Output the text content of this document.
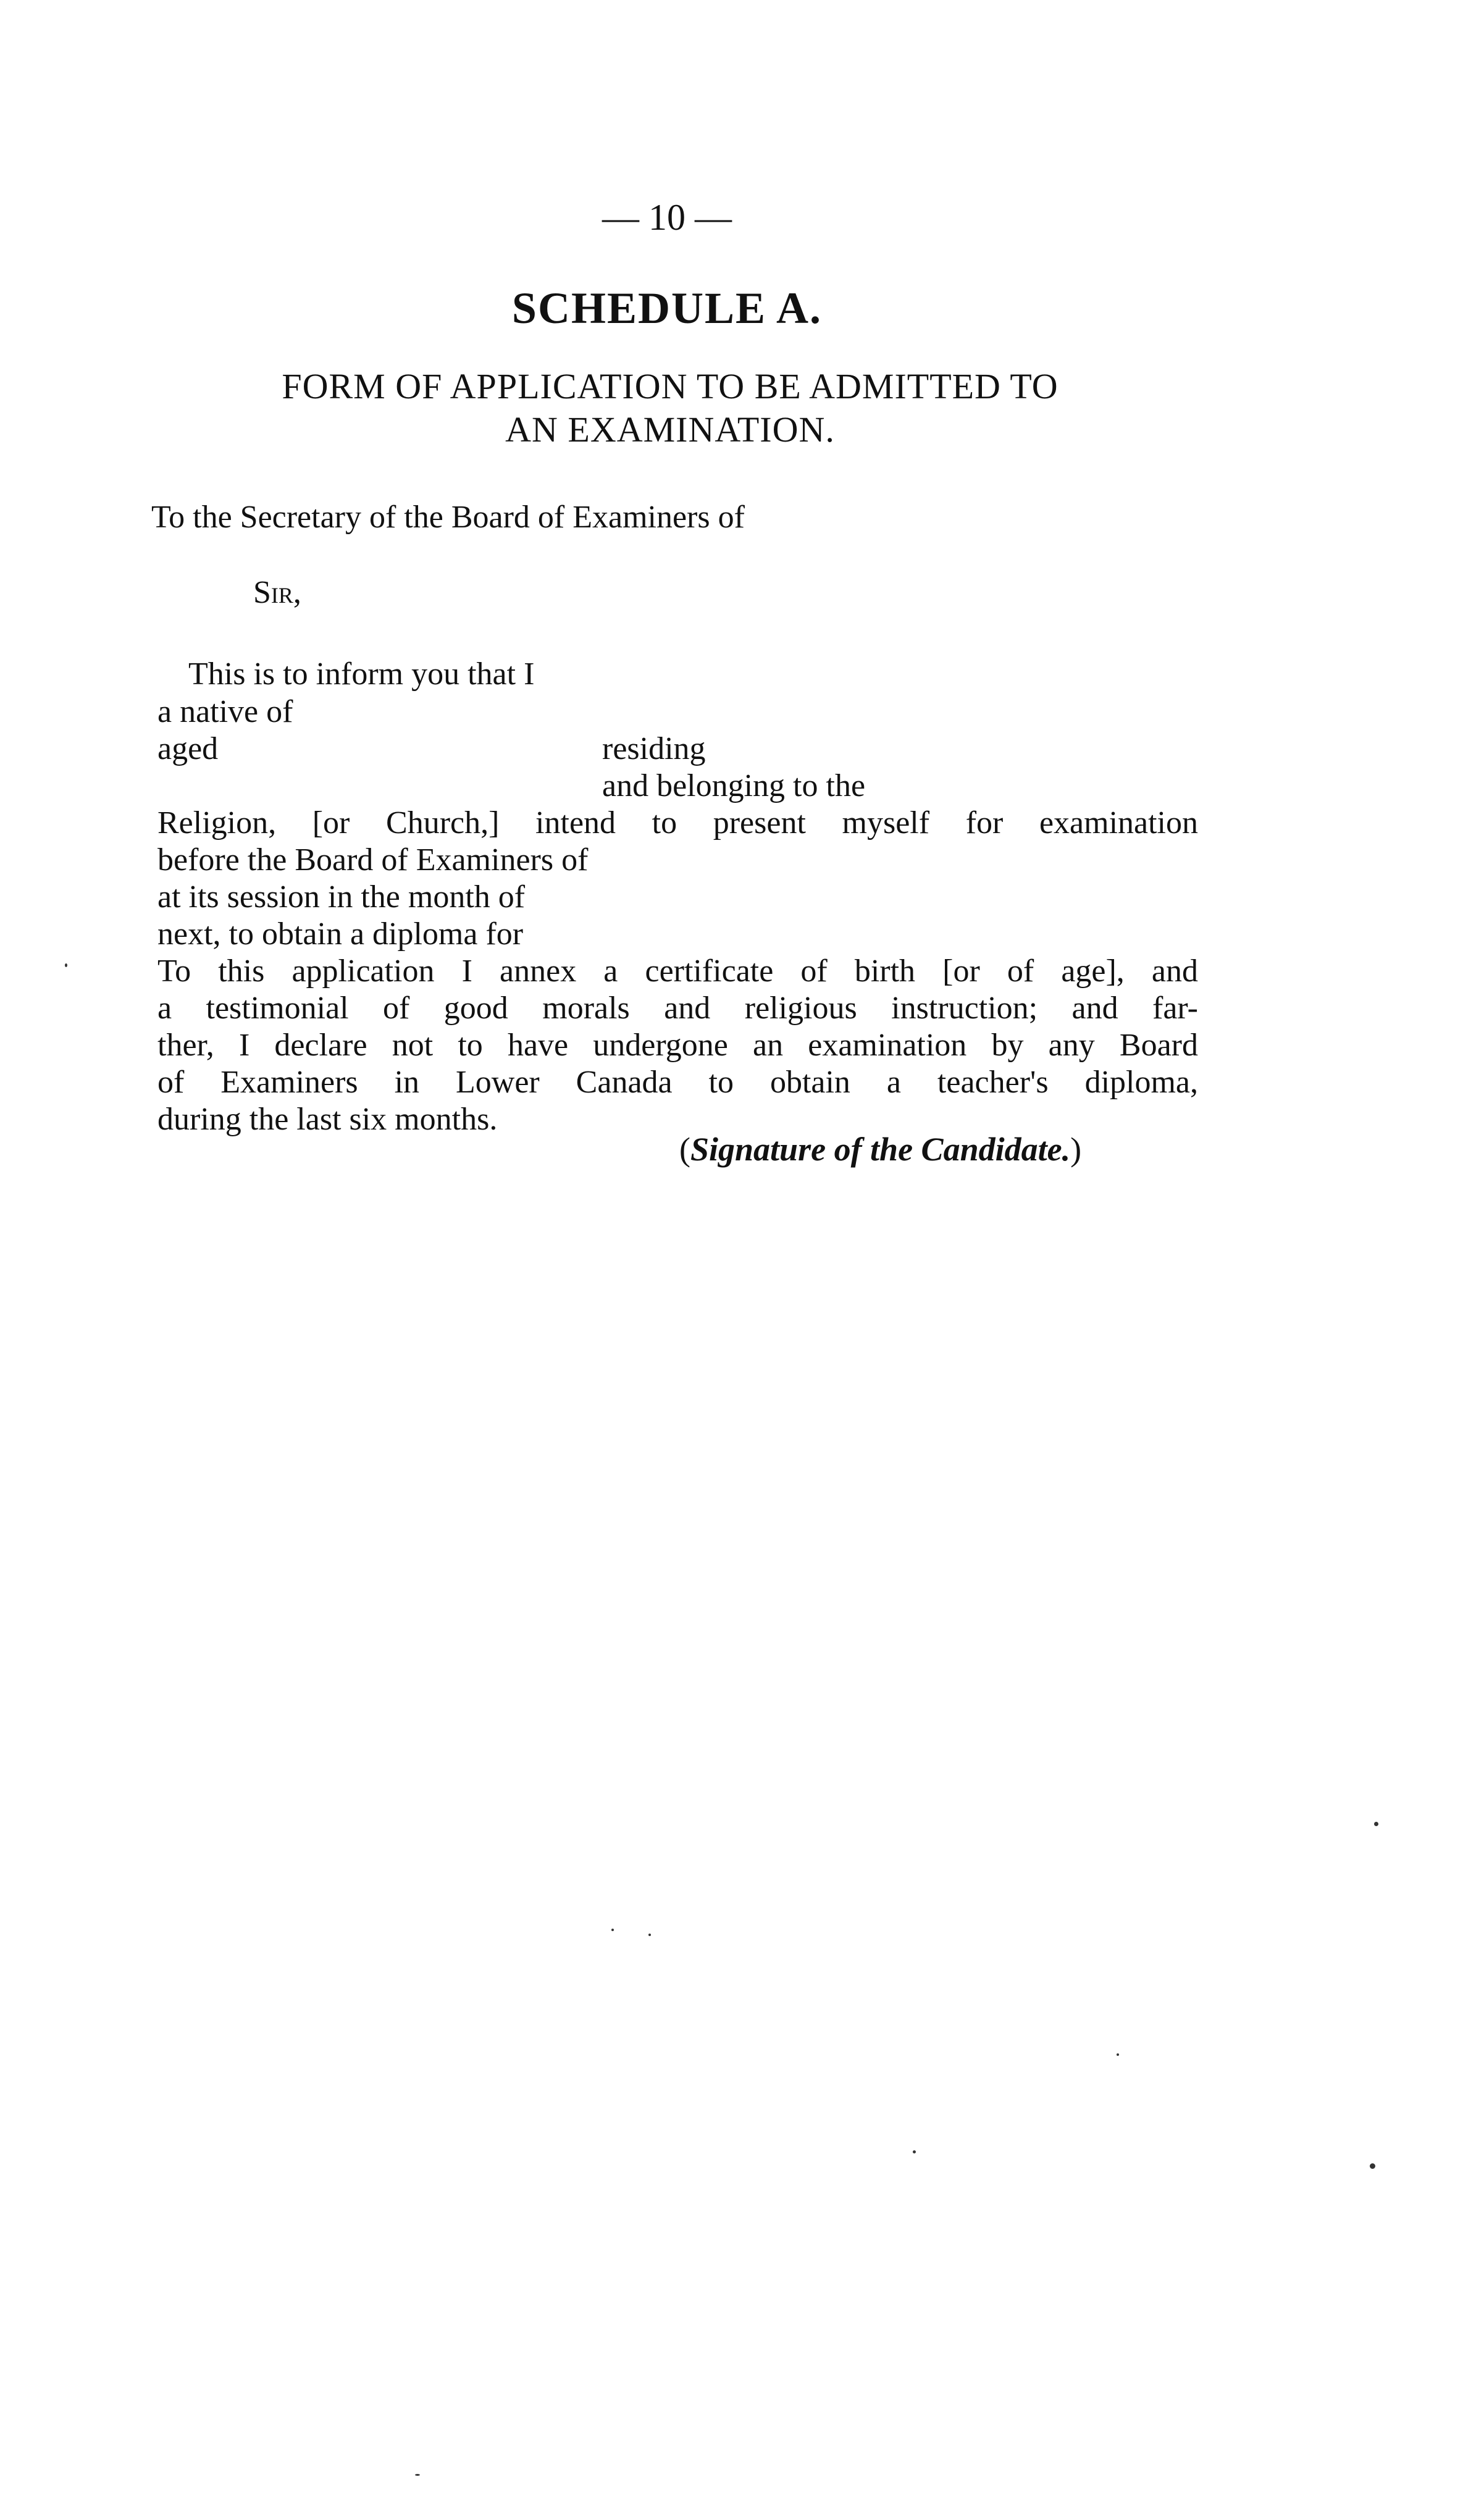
— 10 —
SCHEDULE A.
FORM OF APPLICATION TO BE ADMITTED TO
AN EXAMINATION.
To the Secretary of the Board of Examiners of
Sir,
This is to inform you that I
a native of
aged	residing
and belonging to the
Religion, [or Church,] intend to present myself for examination
before the Board of Examiners of
at its session in the month of
next, to obtain a diploma for
To this application I annex a certificate of birth [or of age], and
a testimonial of good morals and religious instruction; and far-
ther, I declare not to have undergone an examination by any Board
of Examiners in Lower Canada to obtain a teacher's diploma,
during the last six months.
(Signature of the Candidate.)
